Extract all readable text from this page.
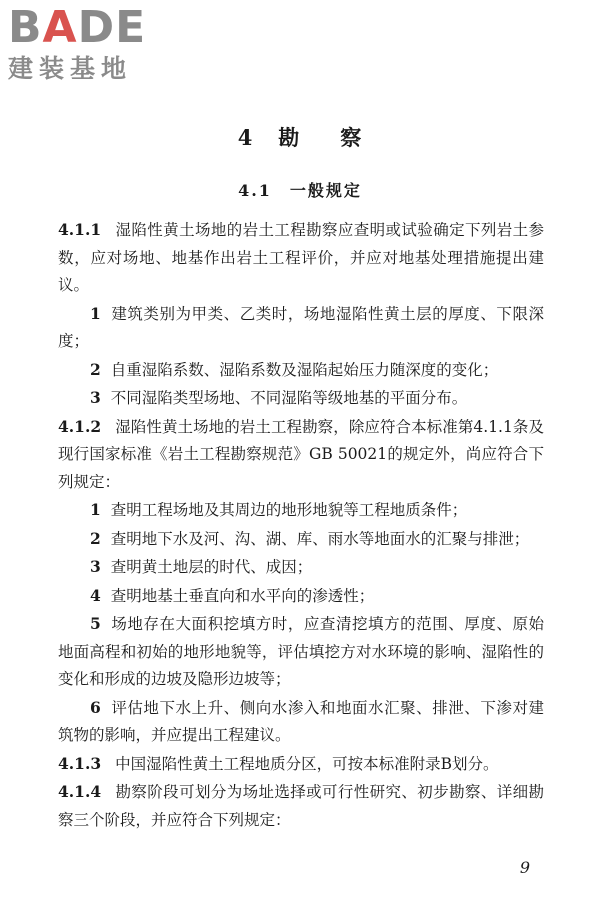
BADE
建装基地
4 勘 察
4.1　一般规定

4.1.1 湿陷性黄土场地的岩土工程勘察应查明或试验确定下列岩土参数，应对场地、地基作出岩土工程评价，并应对地基处理措施提出建议。

1 建筑类别为甲类、乙类时，场地湿陷性黄土层的厚度、下限深度；

2 自重湿陷系数、湿陷系数及湿陷起始压力随深度的变化；

3 不同湿陷类型场地、不同湿陷等级地基的平面分布。

4.1.2 湿陷性黄土场地的岩土工程勘察，除应符合本标准第4.1.1条及现行国家标准《岩土工程勘察规范》GB 50021的规定外，尚应符合下列规定：

1 查明工程场地及其周边的地形地貌等工程地质条件；

2 查明地下水及河、沟、湖、库、雨水等地面水的汇聚与排泄；

3 查明黄土地层的时代、成因；

4 查明地基土垂直向和水平向的渗透性；

5 场地存在大面积挖填方时，应查清挖填方的范围、厚度、原始地面高程和初始的地形地貌等，评估填挖方对水环境的影响、湿陷性的变化和形成的边坡及隐形边坡等；

6 评估地下水上升、侧向水渗入和地面水汇聚、排泄、下渗对建筑物的影响，并应提出工程建议。

4.1.3 中国湿陷性黄土工程地质分区，可按本标准附录B划分。

4.1.4 勘察阶段可划分为场址选择或可行性研究、初步勘察、详细勘察三个阶段，并应符合下列规定：

9
